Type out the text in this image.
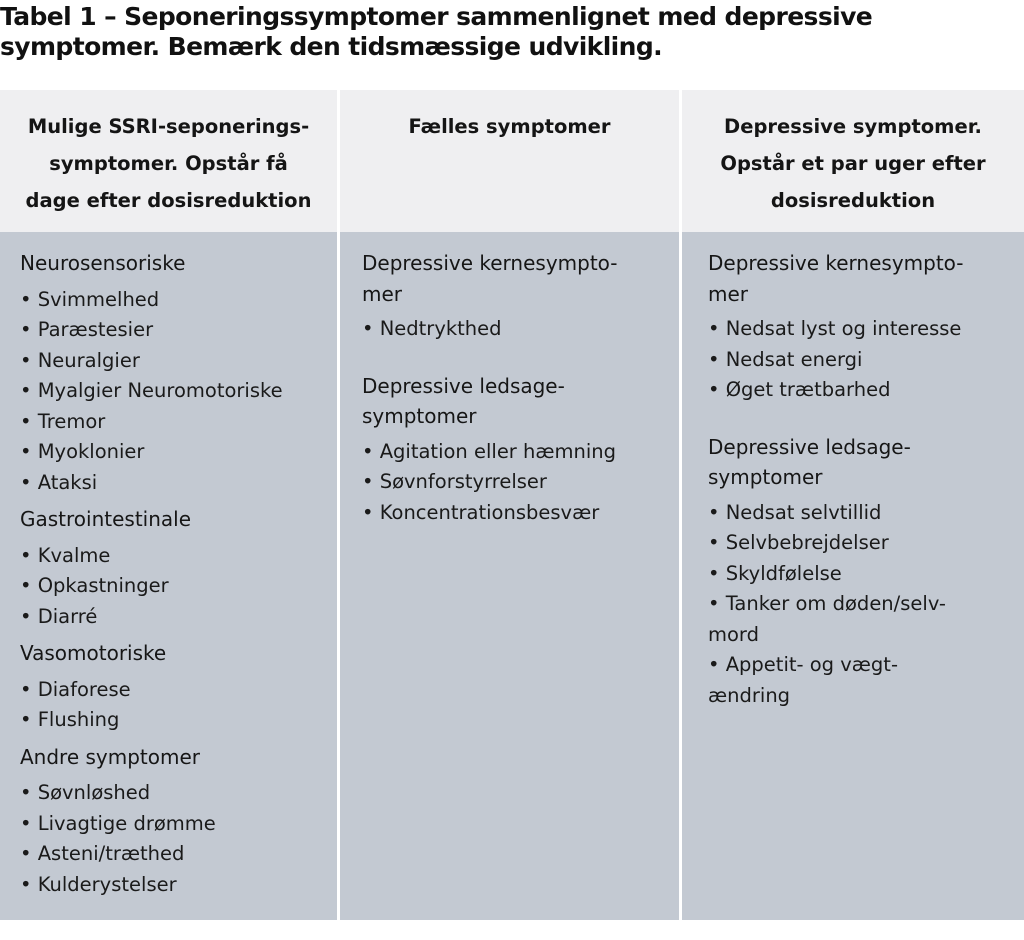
Tabel 1 – Seponeringssymptomer sammenlignet med depressive
symptomer. Bemærk den tidsmæssige udvikling.
Mulige SSRI-seponerings-
symptomer. Opstår få
dage efter dosisreduktion
Fælles symptomer	Depressive symptomer.
Opstår et par uger efter
dosisreduktion
Neurosensoriske
• Svimmelhed
• Paræstesier
• Neuralgier
• Myalgier Neuromotoriske
• Tremor
• Myoklonier
• Ataksi
Gastrointestinale
• Kvalme
• Opkastninger
• Diarré
Vasomotoriske
• Diaforese
• Flushing
Andre symptomer
• Søvnløshed
• Livagtige drømme
• Asteni/træthed
• Kulderystelser
Depressive kernesympto-
mer
• Nedtrykthed
Depressive ledsage-
symptomer
• Agitation eller hæmning
• Søvnforstyrrelser
• Koncentrationsbesvær
Depressive kernesympto-
mer
• Nedsat lyst og interesse
• Nedsat energi
• Øget trætbarhed
Depressive ledsage-
symptomer
• Nedsat selvtillid
• Selvbebrejdelser
• Skyldfølelse
• Tanker om døden/selv-
mord
• Appetit- og vægt-
ændring
